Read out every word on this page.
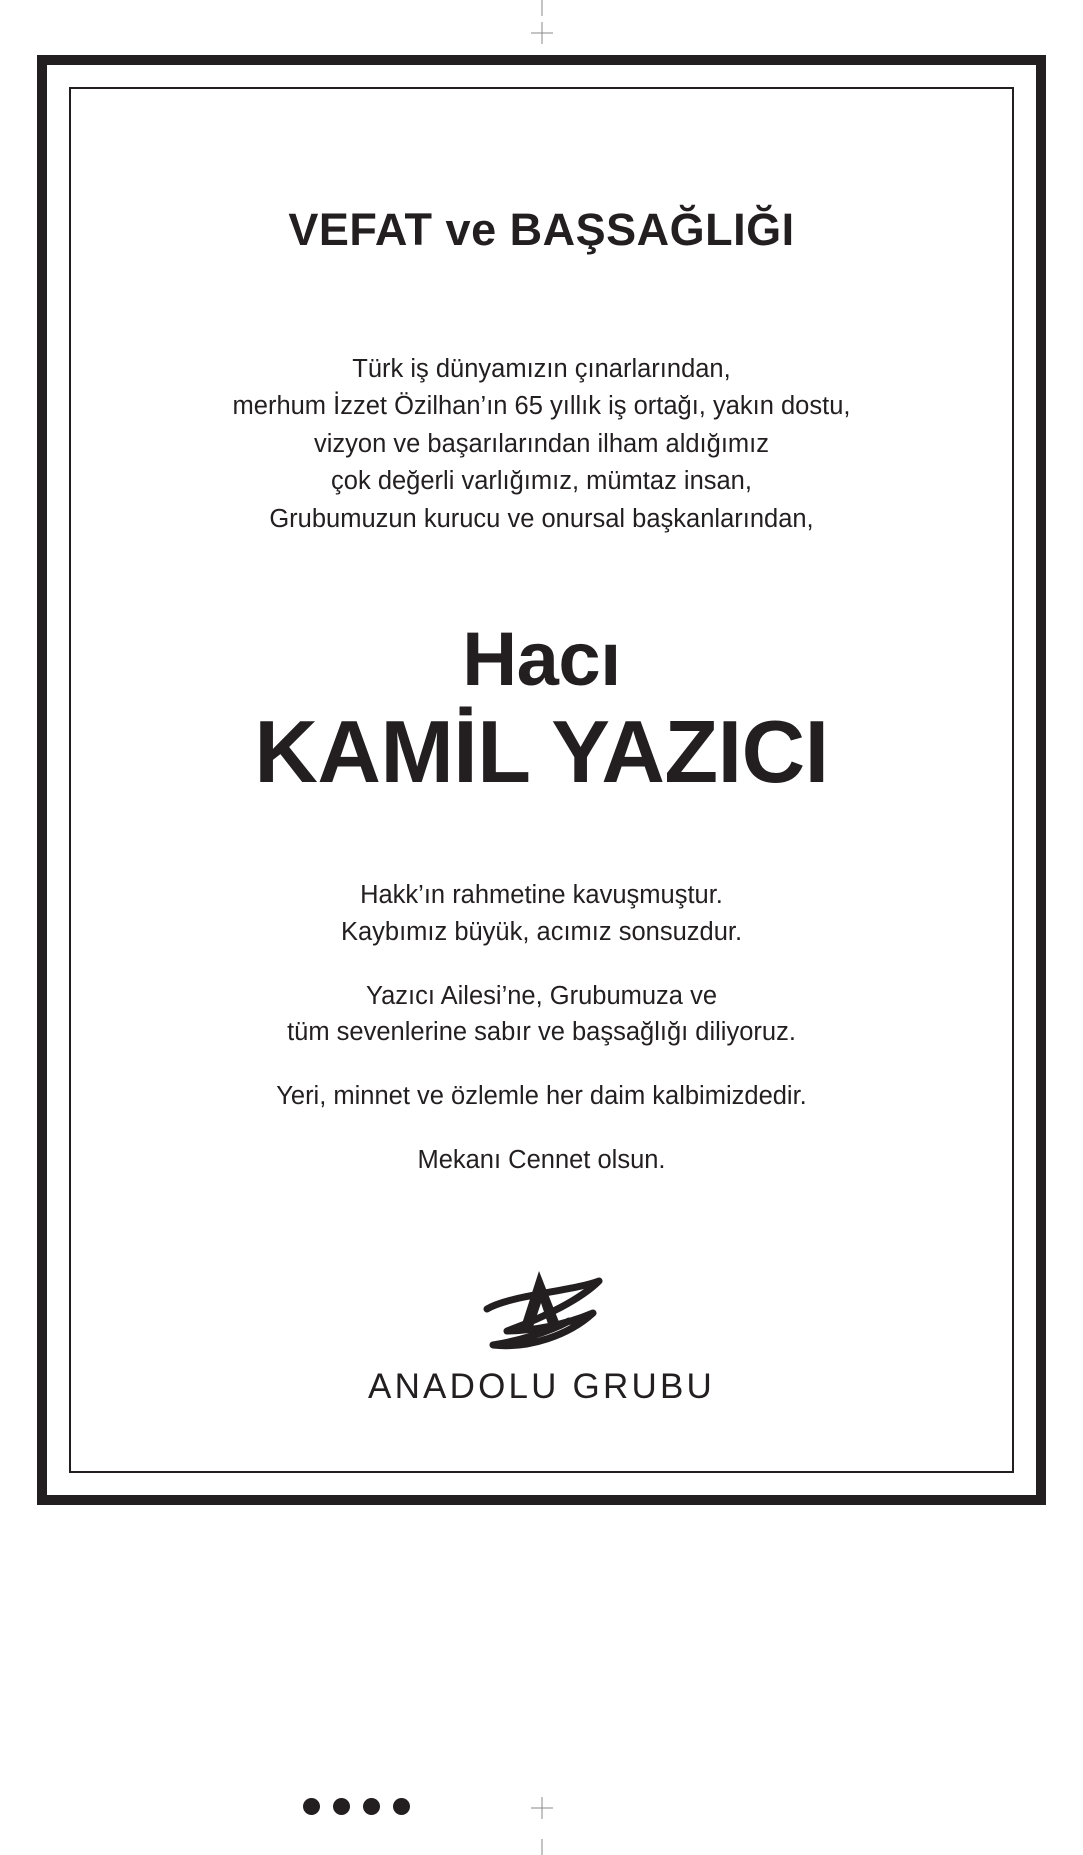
VEFAT ve BAŞSAĞLIĞI
Türk iş dünyamızın çınarlarından,
merhum İzzet Özilhan’ın 65 yıllık iş ortağı, yakın dostu,
vizyon ve başarılarından ilham aldığımız
çok değerli varlığımız, mümtaz insan,
Grubumuzun kurucu ve onursal başkanlarından,
Hacı
KAMİL YAZICI
Hakk’ın rahmetine kavuşmuştur.
Kaybımız büyük, acımız sonsuzdur.
Yazıcı Ailesi’ne, Grubumuza ve
tüm sevenlerine sabır ve başsağlığı diliyoruz.
Yeri, minnet ve özlemle her daim kalbimizdedir.
Mekanı Cennet olsun.
ANADOLU GRUBU
